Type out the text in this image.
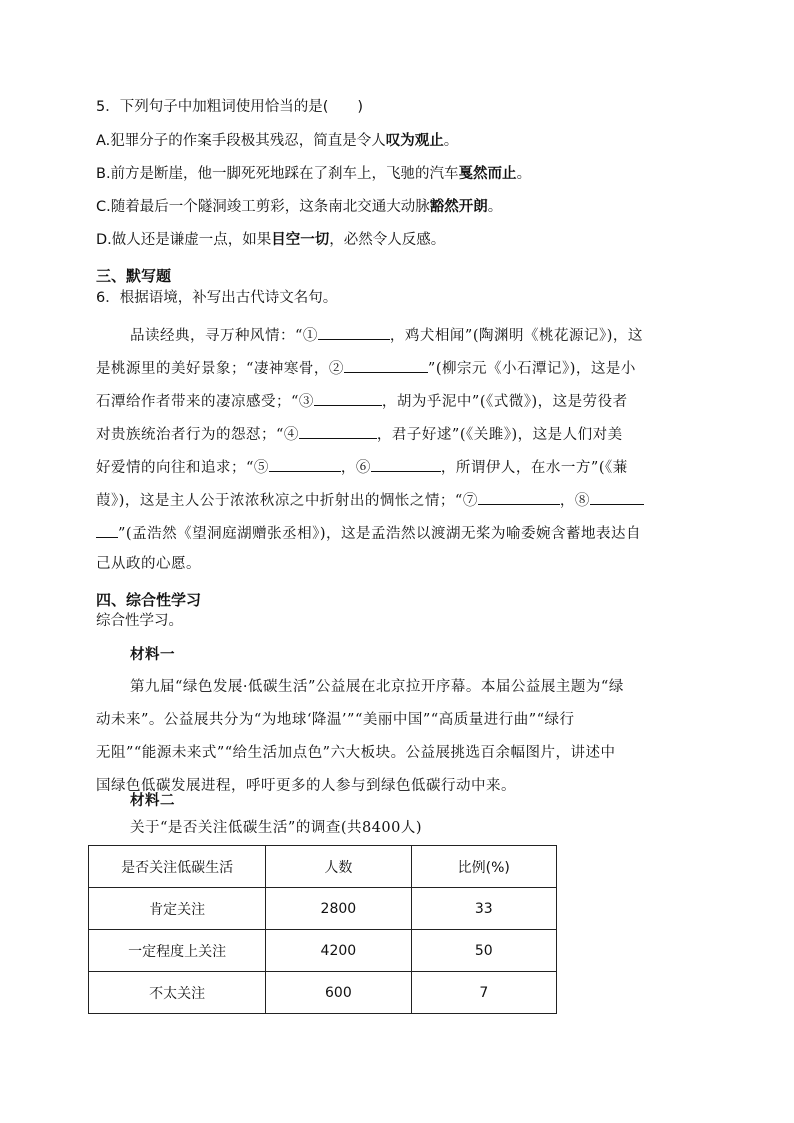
5．下列句子中加粗词使用恰当的是(　　)
A.犯罪分子的作案手段极其残忍，简直是令人叹为观止。
B.前方是断崖，他一脚死死地踩在了刹车上，飞驰的汽车戛然而止。
C.随着最后一个隧洞竣工剪彩，这条南北交通大动脉豁然开朗。
D.做人还是谦虚一点，如果目空一切，必然令人反感。
三、默写题
6．根据语境，补写出古代诗文名句。
品读经典，寻万种风情：“①	，鸡犬相闻”(陶渊明《桃花源记》)，这
是桃源里的美好景象；“凄神寒骨，②	”(柳宗元《小石潭记》)，这是小
石潭给作者带来的凄凉感受；“③	，胡为乎泥中”(《式微》)，这是劳役者
对贵族统治者行为的怨怼；“④	，君子好逑”(《关雎》)，这是人们对美
好爱情的向往和追求；“⑤	，⑥	，所谓伊人，在水一方”(《蒹
葭》)，这是主人公于浓浓秋凉之中折射出的惆怅之情；“⑦	，⑧
”(孟浩然《望洞庭湖赠张丞相》)，这是孟浩然以渡湖无桨为喻委婉含蓄地表达自
己从政的心愿。
四、综合性学习
综合性学习。
材料一
第九届“绿色发展·低碳生活”公益展在北京拉开序幕。本届公益展主题为“绿
动未来”。公益展共分为“为地球‘降温’”“美丽中国”“高质量进行曲”“绿行
无阻”“能源未来式”“给生活加点色”六大板块。公益展挑选百余幅图片，讲述中
国绿色低碳发展进程，呼吁更多的人参与到绿色低碳行动中来。
材料二
关于“是否关注低碳生活”的调查(共8400人)
是否关注低碳生活	人数	比例(%)
肯定关注	2800	33
一定程度上关注	4200	50
不太关注	600	7
